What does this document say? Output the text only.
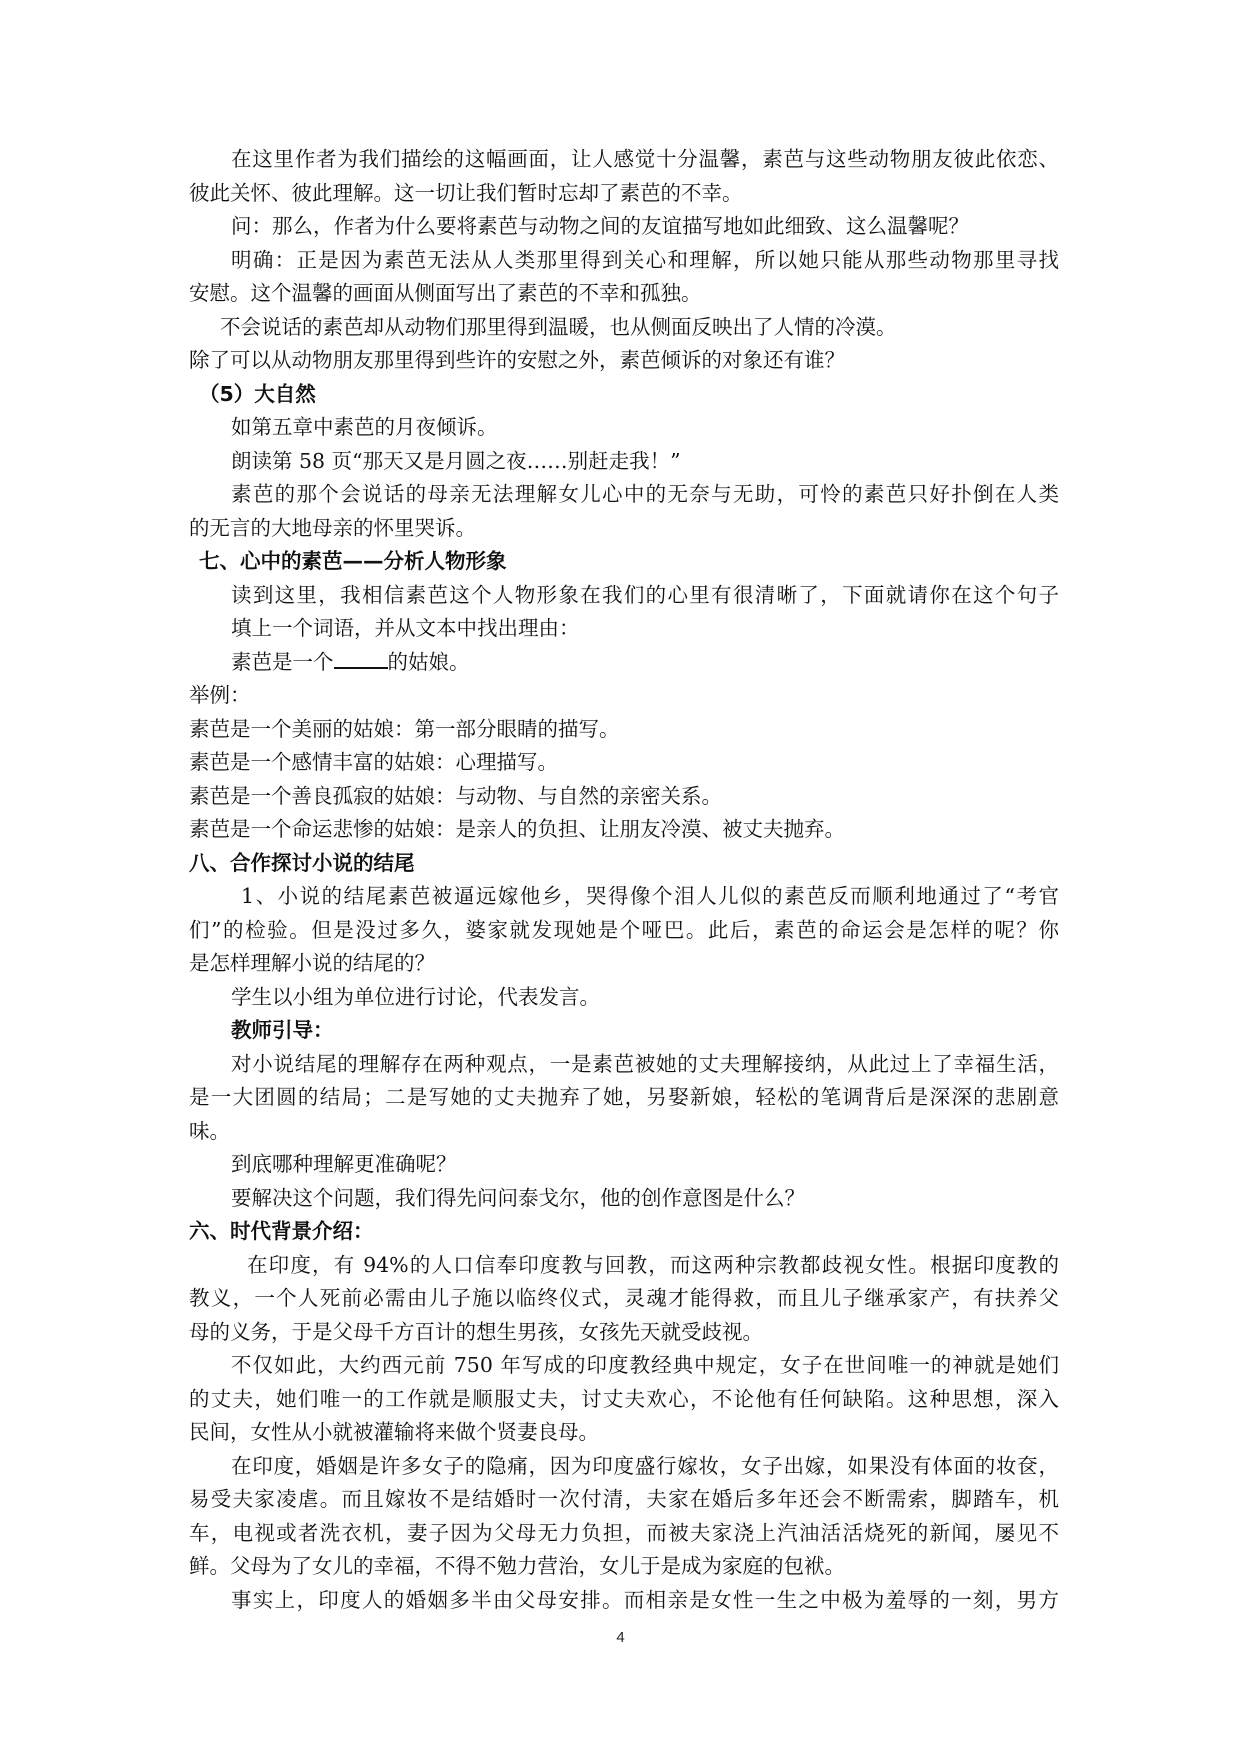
在这里作者为我们描绘的这幅画面，让人感觉十分温馨，素芭与这些动物朋友彼此依恋、
彼此关怀、彼此理解。这一切让我们暂时忘却了素芭的不幸。
问：那么，作者为什么要将素芭与动物之间的友谊描写地如此细致、这么温馨呢？
明确：正是因为素芭无法从人类那里得到关心和理解，所以她只能从那些动物那里寻找
安慰。这个温馨的画面从侧面写出了素芭的不幸和孤独。
不会说话的素芭却从动物们那里得到温暖，也从侧面反映出了人情的冷漠。
除了可以从动物朋友那里得到些许的安慰之外，素芭倾诉的对象还有谁？
（5）大自然
如第五章中素芭的月夜倾诉。
朗读第 58 页“那天又是月圆之夜……别赶走我！”
素芭的那个会说话的母亲无法理解女儿心中的无奈与无助，可怜的素芭只好扑倒在人类
的无言的大地母亲的怀里哭诉。
七、心中的素芭——分析人物形象
读到这里，我相信素芭这个人物形象在我们的心里有很清晰了，下面就请你在这个句子
填上一个词语，并从文本中找出理由：
素芭是一个	的姑娘。
举例：
素芭是一个美丽的姑娘：第一部分眼睛的描写。
素芭是一个感情丰富的姑娘：心理描写。
素芭是一个善良孤寂的姑娘：与动物、与自然的亲密关系。
素芭是一个命运悲惨的姑娘：是亲人的负担、让朋友冷漠、被丈夫抛弃。
八、合作探讨小说的结尾
1、小说的结尾素芭被逼远嫁他乡，哭得像个泪人儿似的素芭反而顺利地通过了“考官
们”的检验。但是没过多久，婆家就发现她是个哑巴。此后，素芭的命运会是怎样的呢？你
是怎样理解小说的结尾的？
学生以小组为单位进行讨论，代表发言。
教师引导：
对小说结尾的理解存在两种观点，一是素芭被她的丈夫理解接纳，从此过上了幸福生活，
是一大团圆的结局；二是写她的丈夫抛弃了她，另娶新娘，轻松的笔调背后是深深的悲剧意
味。
到底哪种理解更准确呢？
要解决这个问题，我们得先问问泰戈尔，他的创作意图是什么？
六、时代背景介绍：
在印度，有 94%的人口信奉印度教与回教，而这两种宗教都歧视女性。根据印度教的
教义，一个人死前必需由儿子施以临终仪式，灵魂才能得救，而且儿子继承家产，有扶养父
母的义务，于是父母千方百计的想生男孩，女孩先天就受歧视。
不仅如此，大约西元前 750 年写成的印度教经典中规定，女子在世间唯一的神就是她们
的丈夫，她们唯一的工作就是顺服丈夫，讨丈夫欢心，不论他有任何缺陷。这种思想，深入
民间，女性从小就被灌输将来做个贤妻良母。
在印度，婚姻是许多女子的隐痛，因为印度盛行嫁妆，女子出嫁，如果没有体面的妆奁，
易受夫家凌虐。而且嫁妆不是结婚时一次付清，夫家在婚后多年还会不断需索，脚踏车，机
车，电视或者洗衣机，妻子因为父母无力负担，而被夫家浇上汽油活活烧死的新闻，屡见不
鲜。父母为了女儿的幸福，不得不勉力营治，女儿于是成为家庭的包袱。
事实上，印度人的婚姻多半由父母安排。而相亲是女性一生之中极为羞辱的一刻，男方
4
